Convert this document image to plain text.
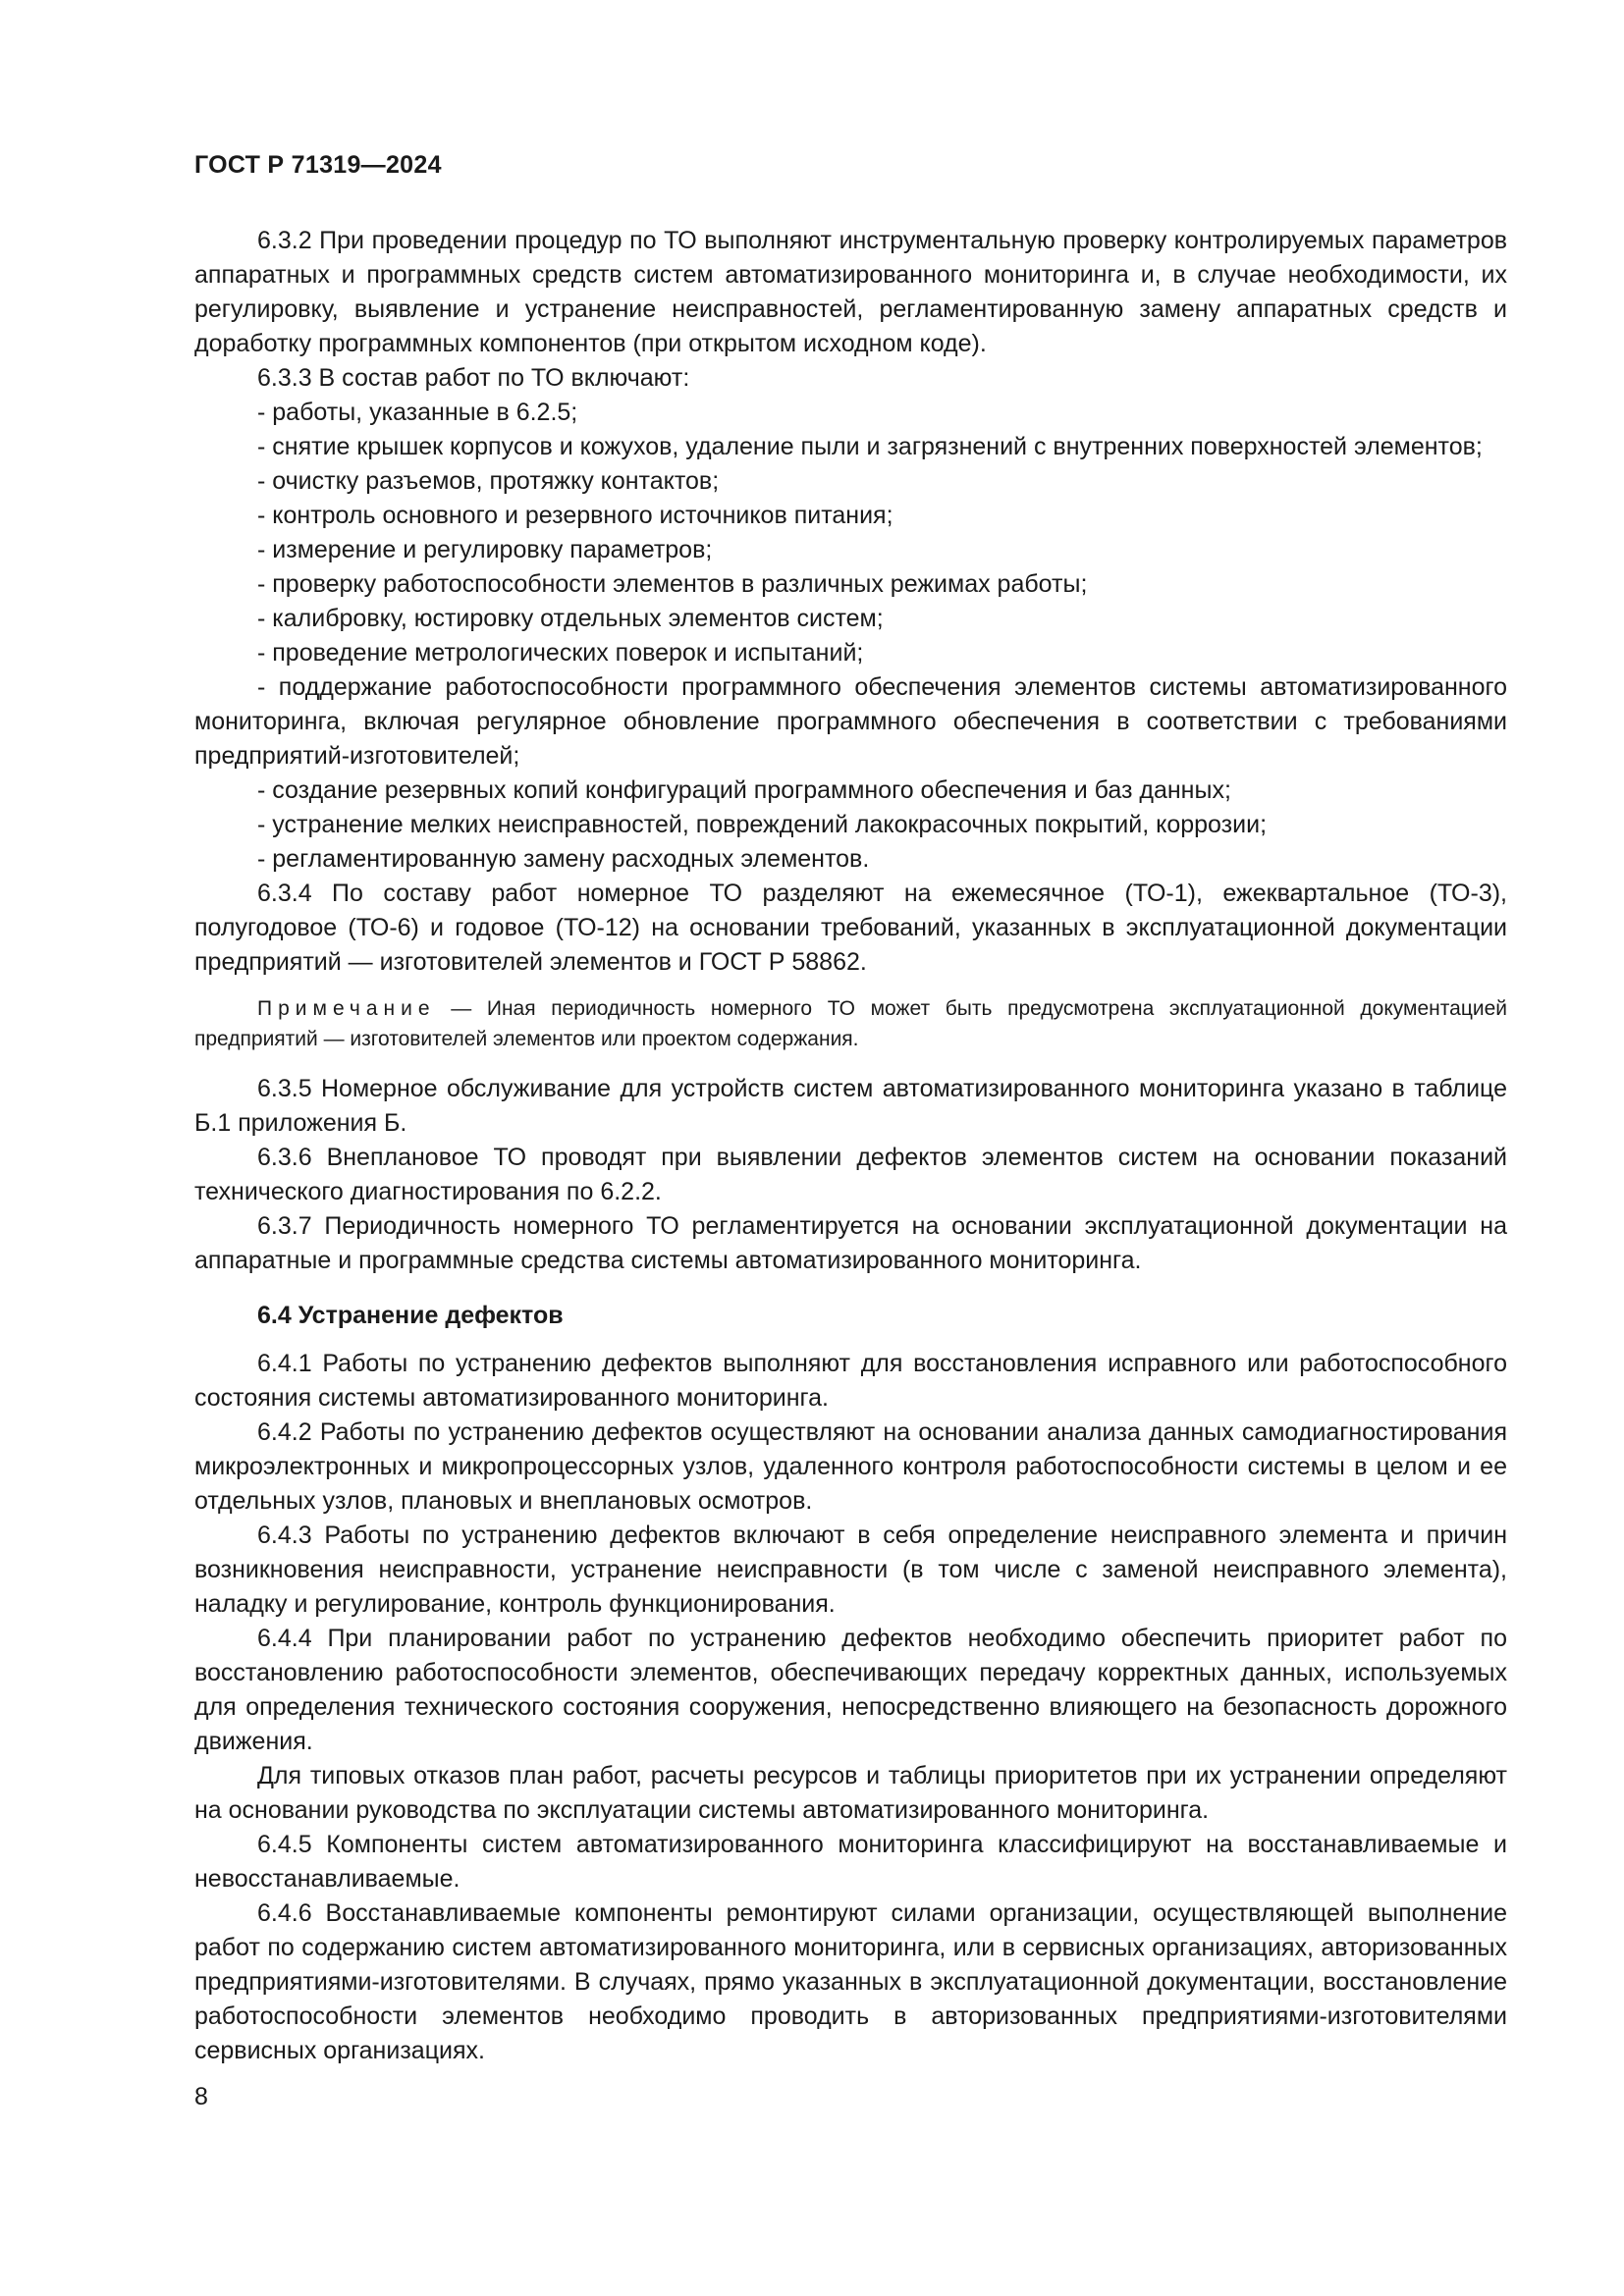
ГОСТ Р 71319—2024

6.3.2 При проведении процедур по ТО выполняют инструментальную проверку контролируемых параметров аппаратных и программных средств систем автоматизированного мониторинга и, в случае необходимости, их регулировку, выявление и устранение неисправностей, регламентированную замену аппаратных средств и доработку программных компонентов (при открытом исходном коде).

6.3.3 В состав работ по ТО включают:

- работы, указанные в 6.2.5;

- снятие крышек корпусов и кожухов, удаление пыли и загрязнений с внутренних поверхностей элементов;

- очистку разъемов, протяжку контактов;

- контроль основного и резервного источников питания;

- измерение и регулировку параметров;

- проверку работоспособности элементов в различных режимах работы;

- калибровку, юстировку отдельных элементов систем;

- проведение метрологических поверок и испытаний;

- поддержание работоспособности программного обеспечения элементов системы автоматизированного мониторинга, включая регулярное обновление программного обеспечения в соответствии с требованиями предприятий-изготовителей;

- создание резервных копий конфигураций программного обеспечения и баз данных;

- устранение мелких неисправностей, повреждений лакокрасочных покрытий, коррозии;

- регламентированную замену расходных элементов.

6.3.4 По составу работ номерное ТО разделяют на ежемесячное (ТО-1), ежеквартальное (ТО-3), полугодовое (ТО-6) и годовое (ТО-12) на основании требований, указанных в эксплуатационной документации предприятий — изготовителей элементов и ГОСТ Р 58862.

Примечание — Иная периодичность номерного ТО может быть предусмотрена эксплуатационной документацией предприятий — изготовителей элементов или проектом содержания.

6.3.5 Номерное обслуживание для устройств систем автоматизированного мониторинга указано в таблице Б.1 приложения Б.

6.3.6 Внеплановое ТО проводят при выявлении дефектов элементов систем на основании показаний технического диагностирования по 6.2.2.

6.3.7 Периодичность номерного ТО регламентируется на основании эксплуатационной документации на аппаратные и программные средства системы автоматизированного мониторинга.

6.4 Устранение дефектов

6.4.1 Работы по устранению дефектов выполняют для восстановления исправного или работоспособного состояния системы автоматизированного мониторинга.

6.4.2 Работы по устранению дефектов осуществляют на основании анализа данных самодиагностирования микроэлектронных и микропроцессорных узлов, удаленного контроля работоспособности системы в целом и ее отдельных узлов, плановых и внеплановых осмотров.

6.4.3 Работы по устранению дефектов включают в себя определение неисправного элемента и причин возникновения неисправности, устранение неисправности (в том числе с заменой неисправного элемента), наладку и регулирование, контроль функционирования.

6.4.4 При планировании работ по устранению дефектов необходимо обеспечить приоритет работ по восстановлению работоспособности элементов, обеспечивающих передачу корректных данных, используемых для определения технического состояния сооружения, непосредственно влияющего на безопасность дорожного движения.

Для типовых отказов план работ, расчеты ресурсов и таблицы приоритетов при их устранении определяют на основании руководства по эксплуатации системы автоматизированного мониторинга.

6.4.5 Компоненты систем автоматизированного мониторинга классифицируют на восстанавливаемые и невосстанавливаемые.

6.4.6 Восстанавливаемые компоненты ремонтируют силами организации, осуществляющей выполнение работ по содержанию систем автоматизированного мониторинга, или в сервисных организациях, авторизованных предприятиями-изготовителями. В случаях, прямо указанных в эксплуатационной документации, восстановление работоспособности элементов необходимо проводить в авторизованных предприятиями-изготовителями сервисных организациях.

8
